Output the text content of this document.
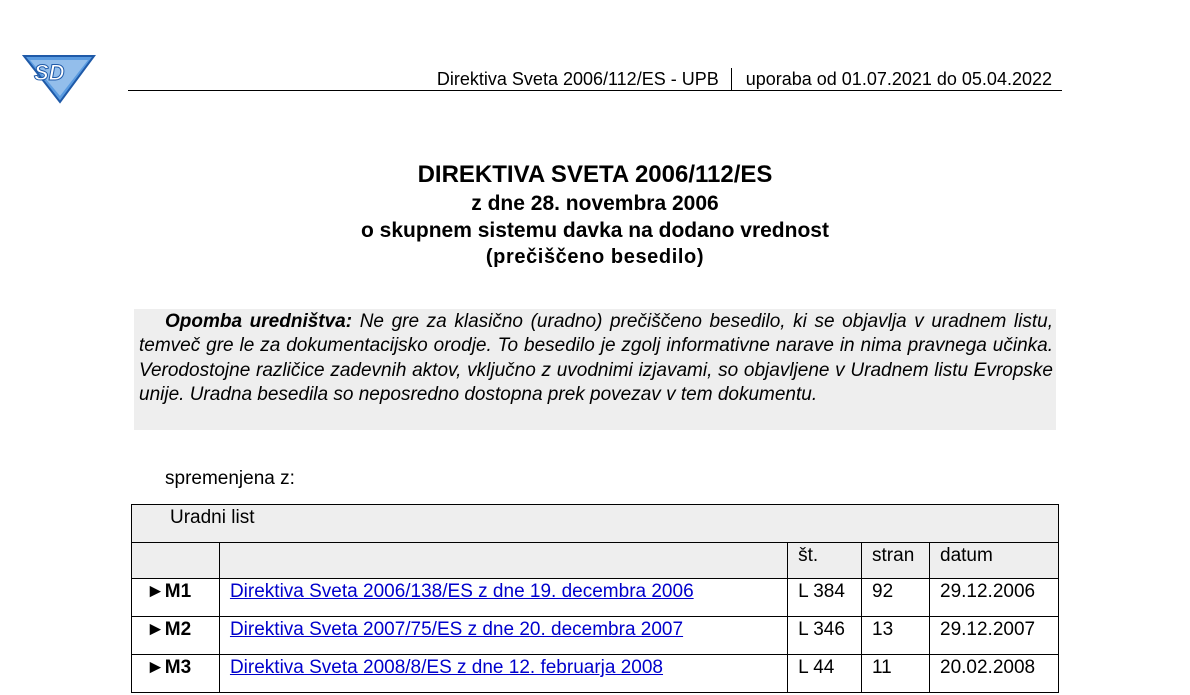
SD	Direktiva Sveta 2006/112/ES - UPB uporaba od 01.07.2021 do 05.04.2022
DIREKTIVA SVETA 2006/112/ES
z dne 28. novembra 2006
o skupnem sistemu davka na dodano vrednost
(prečiščeno besedilo)
Opomba uredništva: Ne gre za klasično (uradno) prečiščeno besedilo, ki se objavlja v uradnem listu, temveč gre le za dokumentacijsko orodje. To besedilo je zgolj informativne narave in nima pravnega učinka. Verodostojne različice zadevnih aktov, vključno z uvodnimi izjavami, so objavljene v Uradnem listu Evropske unije. Uradna besedila so neposredno dostopna prek povezav v tem dokumentu.
spremenjena z:
Uradni list				
		št.	stran	datum
►M1	Direktiva Sveta 2006/138/ES z dne 19. decembra 2006	L 384	92	29.12.2006
►M2	Direktiva Sveta 2007/75/ES z dne 20. decembra 2007	L 346	13	29.12.2007
►M3	Direktiva Sveta 2008/8/ES z dne 12. februarja 2008	L 44	11	20.02.2008
